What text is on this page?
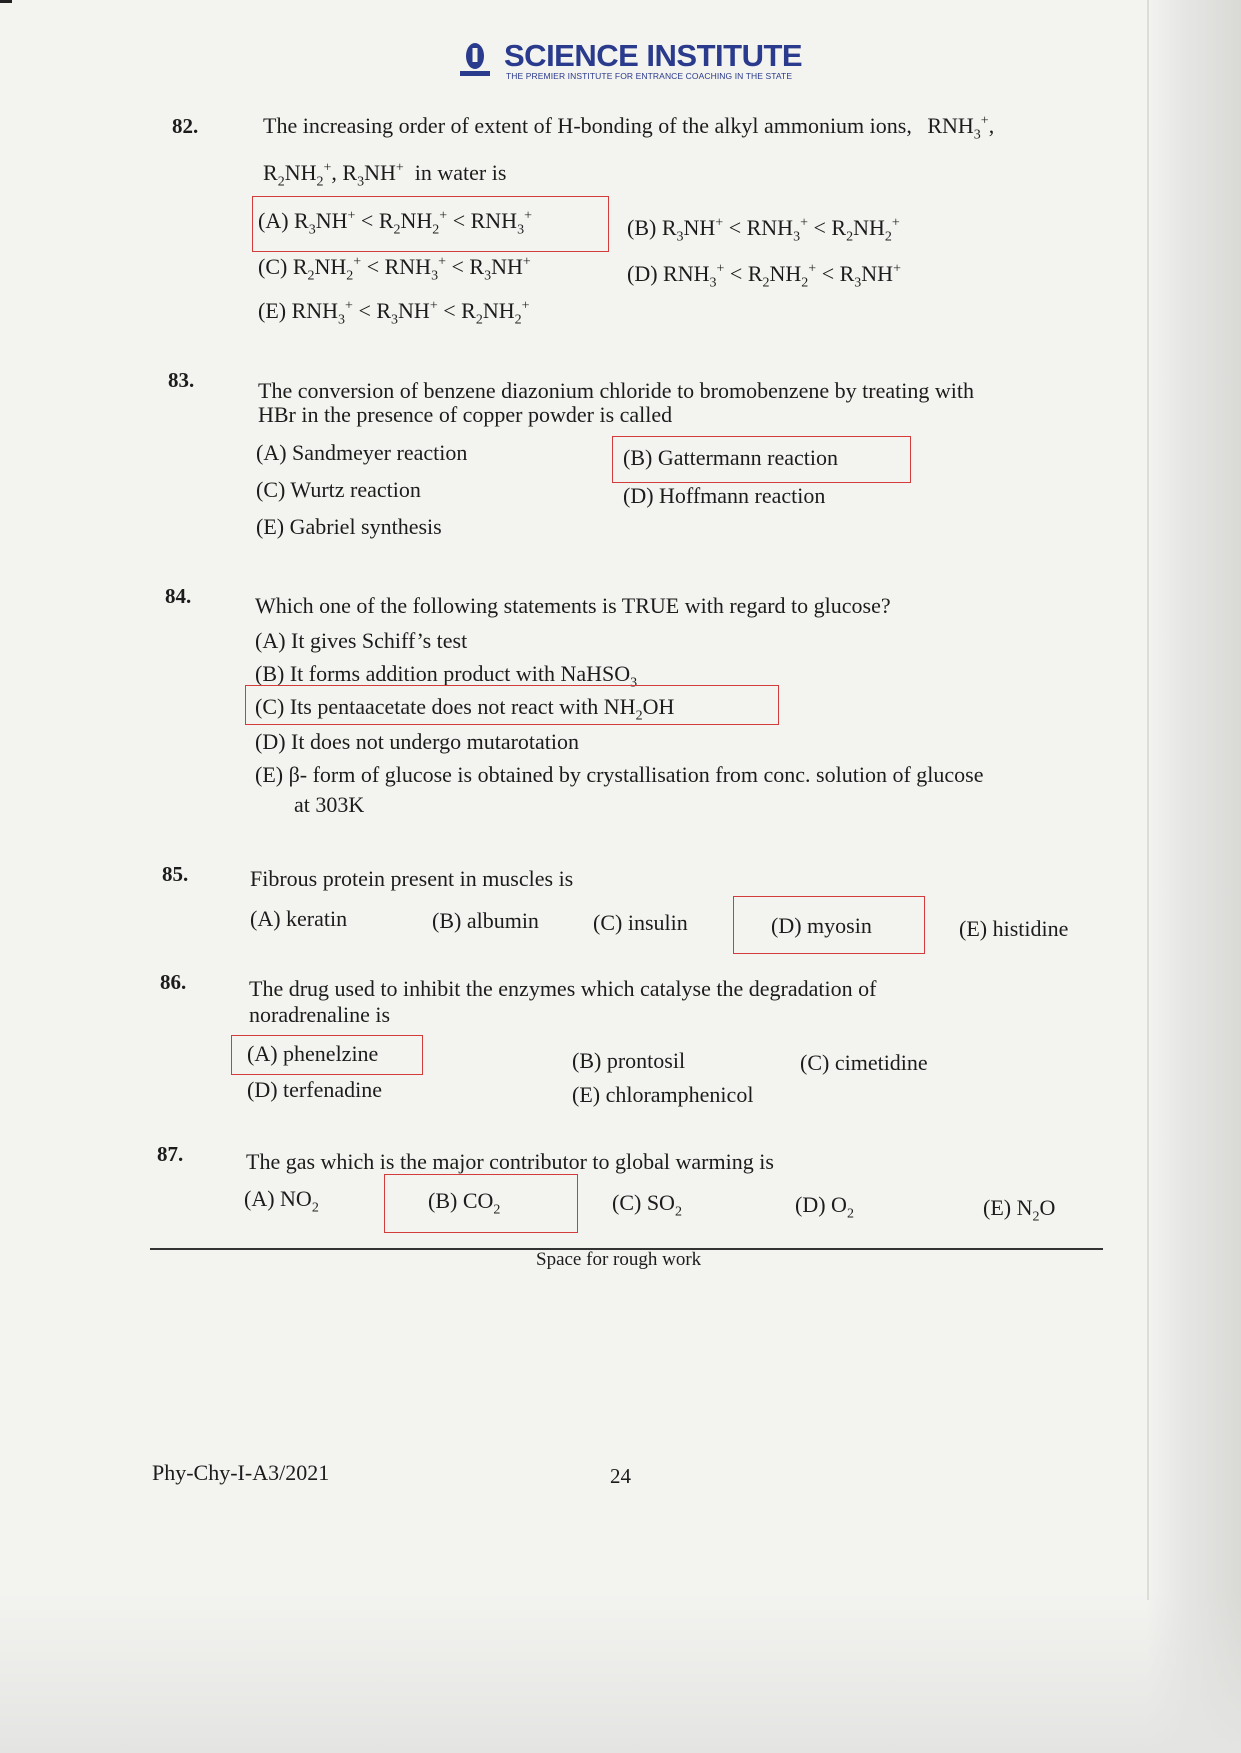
SCIENCE INSTITUTE
THE PREMIER INSTITUTE FOR ENTRANCE COACHING IN THE STATE
82.	The increasing order of extent of H-bonding of the alkyl ammonium ions, $RNH_3^+$,
$R_2NH_2^+$, $R_3NH^+$ in water is
(A) $R_3NH^+ < R_2NH_2^+ < RNH_3^+$	(B) $R_3NH^+ < RNH_3^+ < R_2NH_2^+$
(C) $R_2NH_2^+ < RNH_3^+ < R_3NH^+$	(D) $RNH_3^+ < R_2NH_2^+ < R_3NH^+$
(E) $RNH_3^+ < R_3NH^+ < R_2NH_2^+$
83.	The conversion of benzene diazonium chloride to bromobenzene by treating with
HBr in the presence of copper powder is called
(A) Sandmeyer reaction	(B) Gattermann reaction
(C) Wurtz reaction	(D) Hoffmann reaction
(E) Gabriel synthesis
84.	Which one of the following statements is TRUE with regard to glucose?
(A) It gives Schiff’s test
(B) It forms addition product with NaHSO$_3$
(C) Its pentaacetate does not react with $NH_2OH$
(D) It does not undergo mutarotation
(E) β- form of glucose is obtained by crystallisation from conc. solution of glucose
at 303K
85.	Fibrous protein present in muscles is
(A) keratin	(B) albumin (C) insulin	(D) myosin	(E) histidine
86.	The drug used to inhibit the enzymes which catalyse the degradation of
noradrenaline is
(A) phenelzine	(B) prontosil	(C) cimetidine
(D) terfenadine	(E) chloramphenicol
87.	The gas which is the major contributor to global warming is
(A) $NO_2$	(B) $CO_2$	(C) $SO_2$	(D) $O_2$	(E) $N_2O$
Space for rough work
Phy-Chy-I-A3/2021	24
